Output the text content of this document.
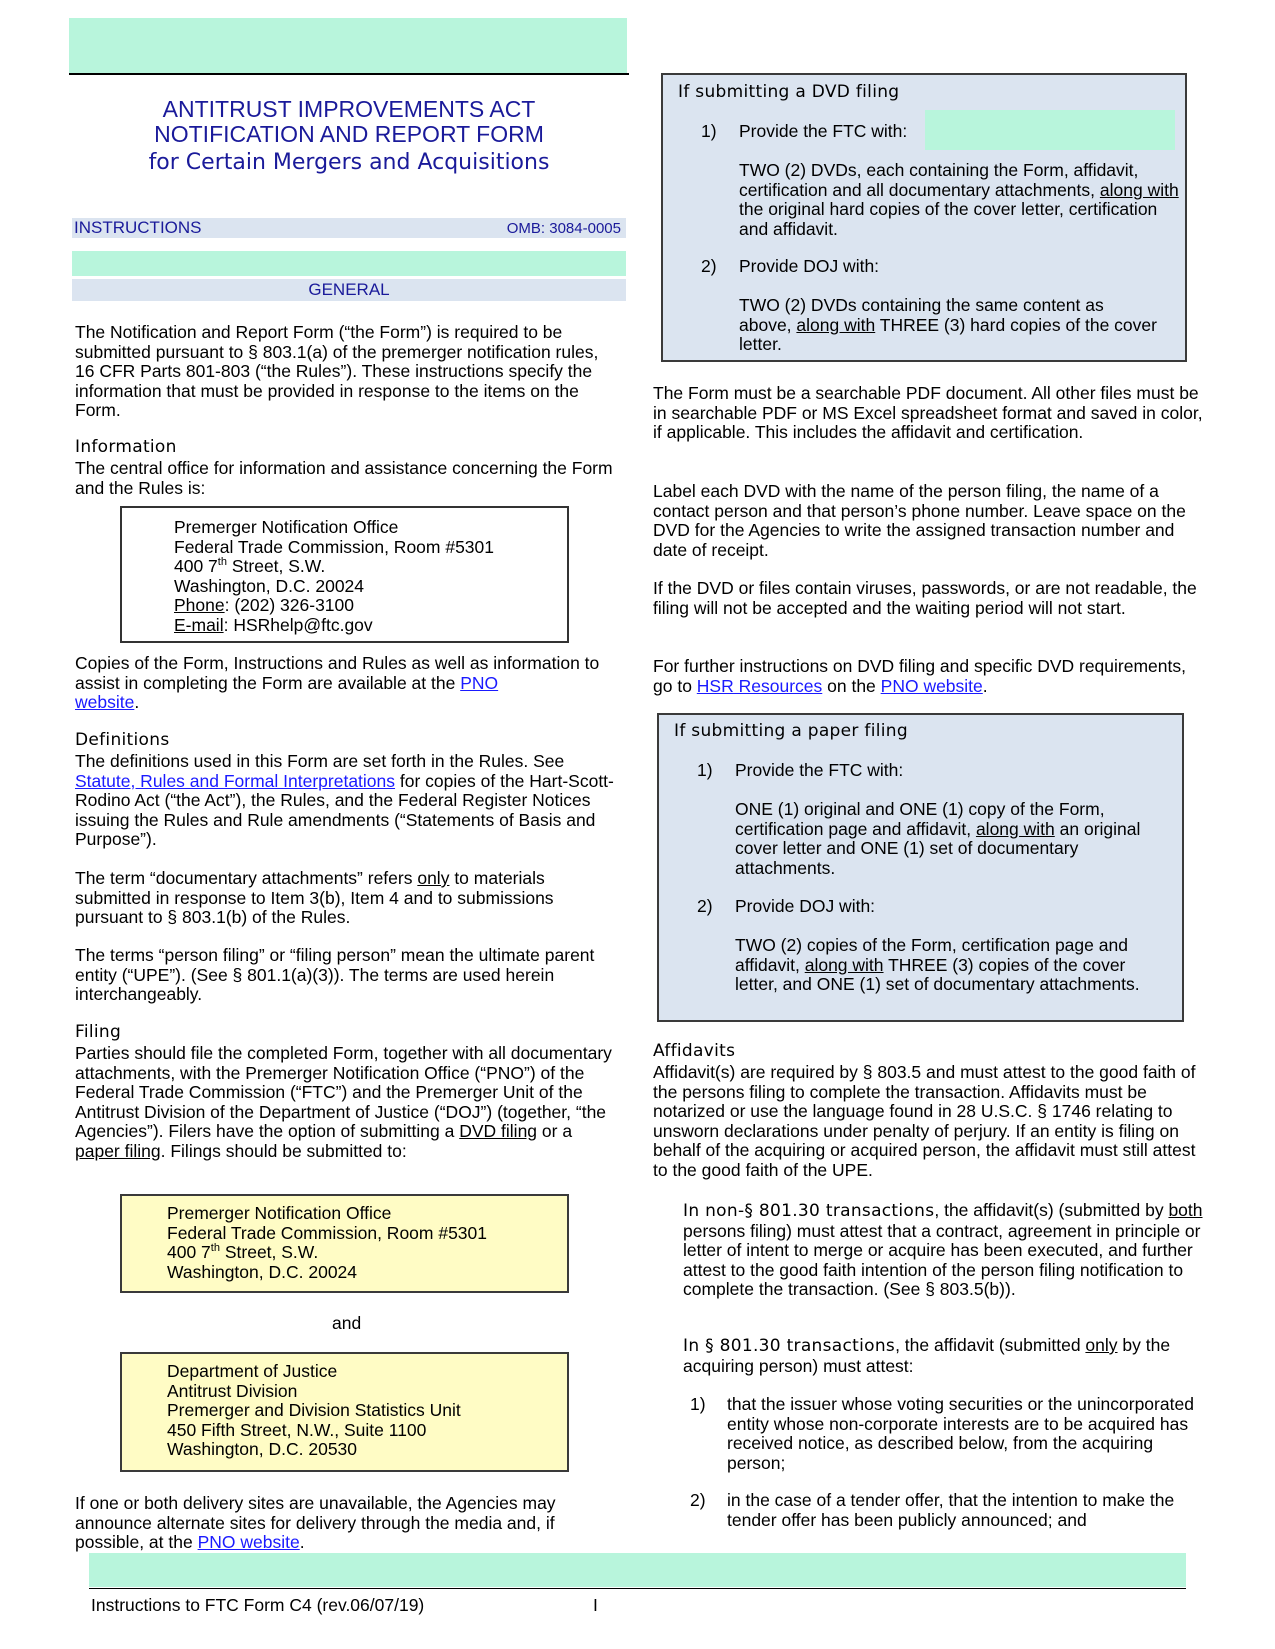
ANTITRUST IMPROVEMENTS ACT
NOTIFICATION AND REPORT FORM
for Certain Mergers and Acquisitions
INSTRUCTIONS	OMB: 3084-0005
GENERAL

The Notification and Report Form (“the Form”) is required to be submitted pursuant to § 803.1(a) of the premerger notification rules, 16 CFR Parts 801-803 (“the Rules”). These instructions specify the information that must be provided in response to the items on the Form.

Information

The central office for information and assistance concerning the Form and the Rules is:

Premerger Notification Office
Federal Trade Commission, Room #5301
400 7th Street, S.W.
Washington, D.C. 20024
Phone: (202) 326-3100
E-mail: HSRhelp@ftc.gov

Copies of the Form, Instructions and Rules as well as information to assist in completing the Form are available at the PNO
website.

Definitions

The definitions used in this Form are set forth in the Rules. See
Statute, Rules and Formal Interpretations for copies of the Hart-Scott-Rodino Act (“the Act”), the Rules, and the Federal Register Notices issuing the Rules and Rule amendments (“Statements of Basis and Purpose”).

The term “documentary attachments” refers only to materials submitted in response to Item 3(b), Item 4 and to submissions pursuant to § 803.1(b) of the Rules.

The terms “person filing” or “filing person” mean the ultimate parent entity (“UPE”). (See § 801.1(a)(3)). The terms are used herein interchangeably.

Filing

Parties should file the completed Form, together with all documentary attachments, with the Premerger Notification Office (“PNO”) of the Federal Trade Commission (“FTC”) and the Premerger Unit of the Antitrust Division of the Department of Justice (“DOJ”) (together, “the Agencies”). Filers have the option of submitting a DVD filing or a paper filing. Filings should be submitted to:

Premerger Notification Office
Federal Trade Commission, Room #5301
400 7th Street, S.W.
Washington, D.C. 20024
and
Department of Justice
Antitrust Division
Premerger and Division Statistics Unit
450 Fifth Street, N.W., Suite 1100
Washington, D.C. 20530

If one or both delivery sites are unavailable, the Agencies may announce alternate sites for delivery through the media and, if possible, at the PNO website.

If submitting a DVD filing
1) Provide the FTC with:

TWO (2) DVDs, each containing the Form, affidavit, certification and all documentary attachments, along with the original hard copies of the cover letter, certification and affidavit.

2) Provide DOJ with:

TWO (2) DVDs containing the same content as above, along with THREE (3) hard copies of the cover letter.

The Form must be a searchable PDF document. All other files must be in searchable PDF or MS Excel spreadsheet format and saved in color, if applicable. This includes the affidavit and certification.

Label each DVD with the name of the person filing, the name of a contact person and that person’s phone number. Leave space on the DVD for the Agencies to write the assigned transaction number and date of receipt.

If the DVD or files contain viruses, passwords, or are not readable, the filing will not be accepted and the waiting period will not start.

For further instructions on DVD filing and specific DVD requirements, go to HSR Resources on the PNO website.

If submitting a paper filing
1) Provide the FTC with:

ONE (1) original and ONE (1) copy of the Form, certification page and affidavit, along with an original cover letter and ONE (1) set of documentary attachments.

2) Provide DOJ with:

TWO (2) copies of the Form, certification page and affidavit, along with THREE (3) copies of the cover letter, and ONE (1) set of documentary attachments.

Affidavits

Affidavit(s) are required by § 803.5 and must attest to the good faith of the persons filing to complete the transaction. Affidavits must be notarized or use the language found in 28 U.S.C. § 1746 relating to unsworn declarations under penalty of perjury. If an entity is filing on behalf of the acquiring or acquired person, the affidavit must still attest to the good faith of the UPE.

In non-§ 801.30 transactions, the affidavit(s) (submitted by both persons filing) must attest that a contract, agreement in principle or letter of intent to merge or acquire has been executed, and further attest to the good faith intention of the person filing notification to complete the transaction. (See § 803.5(b)).

In § 801.30 transactions, the affidavit (submitted only by the acquiring person) must attest:

1) that the issuer whose voting securities or the unincorporated entity whose non-corporate interests are to be acquired has received notice, as described below, from the acquiring person;

2) in the case of a tender offer, that the intention to make the tender offer has been publicly announced; and

Instructions to FTC Form C4 (rev.06/07/19)	I
